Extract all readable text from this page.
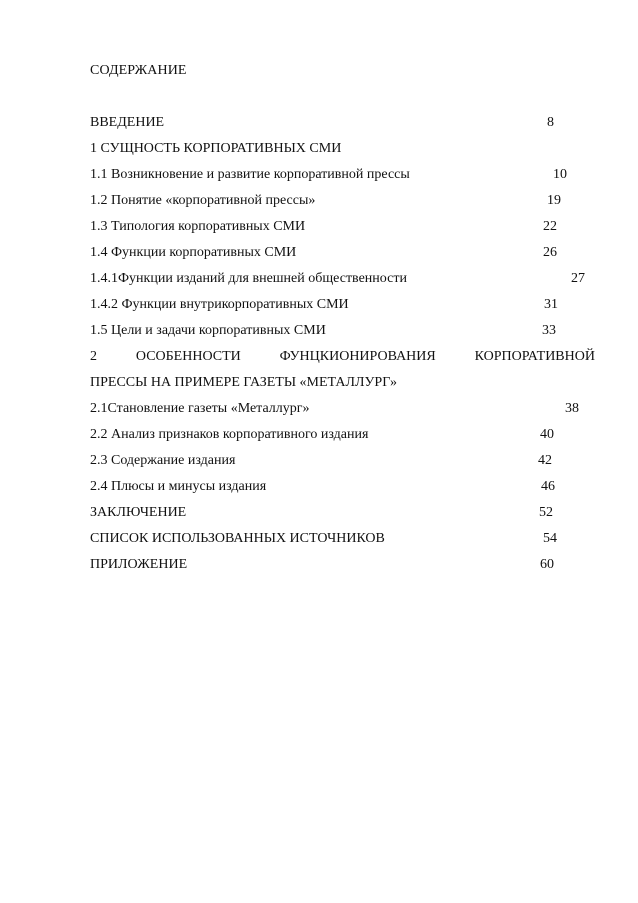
СОДЕРЖАНИЕ
ВВЕДЕНИЕ	8
1 СУЩНОСТЬ КОРПОРАТИВНЫХ СМИ
1.1 Возникновение и развитие корпоративной прессы	10
1.2 Понятие «корпоративной прессы»	19
1.3 Типология корпоративных СМИ	22
1.4 Функции корпоративных СМИ	26
1.4.1Функции изданий для внешней общественности	27
1.4.2 Функции внутрикорпоративных СМИ	31
1.5 Цели и задачи корпоративных СМИ	33
2	ОСОБЕННОСТИ	ФУНЦКИОНИРОВАНИЯ	КОРПОРАТИВНОЙ
ПРЕССЫ НА ПРИМЕРЕ ГАЗЕТЫ «МЕТАЛЛУРГ»
2.1Становление газеты «Металлург»	38
2.2 Анализ признаков корпоративного издания	40
2.3 Содержание издания	42
2.4 Плюсы и минусы издания	46
ЗАКЛЮЧЕНИЕ	52
СПИСОК ИСПОЛЬЗОВАННЫХ ИСТОЧНИКОВ	54
ПРИЛОЖЕНИЕ	60
